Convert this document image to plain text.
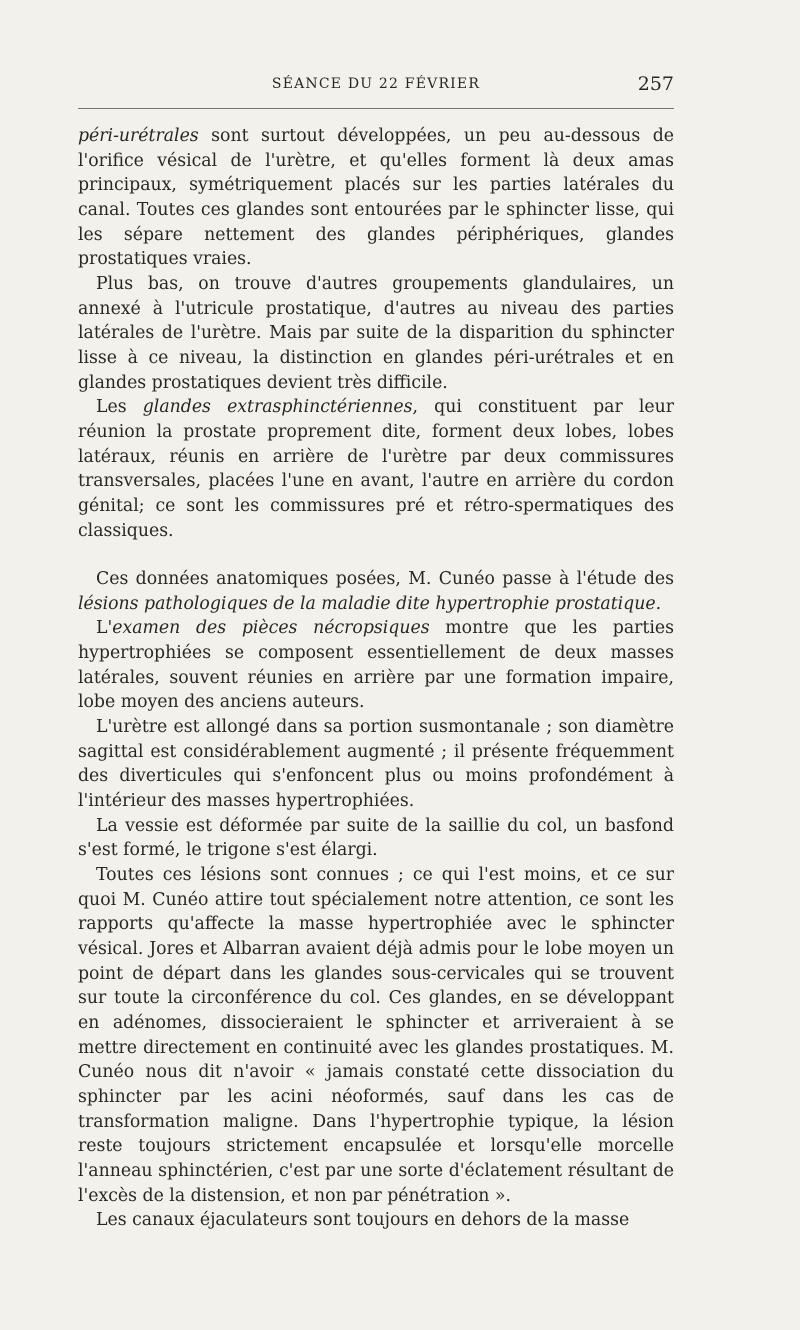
SÉANCE DU 22 FÉVRIER	257

péri-urétrales sont surtout développées, un peu au-dessous de l'orifice vésical de l'urètre, et qu'elles forment là deux amas principaux, symétriquement placés sur les parties latérales du canal. Toutes ces glandes sont entourées par le sphincter lisse, qui les sépare nettement des glandes périphériques, glandes prostatiques vraies.

Plus bas, on trouve d'autres groupements glandulaires, un annexé à l'utricule prostatique, d'autres au niveau des parties latérales de l'urètre. Mais par suite de la disparition du sphincter lisse à ce niveau, la distinction en glandes péri-urétrales et en glandes prostatiques devient très difficile.

Les glandes extrasphinctériennes, qui constituent par leur réunion la prostate proprement dite, forment deux lobes, lobes latéraux, réunis en arrière de l'urètre par deux commissures transversales, placées l'une en avant, l'autre en arrière du cordon génital; ce sont les commissures pré et rétro-spermatiques des classiques.

Ces données anatomiques posées, M. Cunéo passe à l'étude des lésions pathologiques de la maladie dite hypertrophie prostatique.

L'examen des pièces nécropsiques montre que les parties hypertrophiées se composent essentiellement de deux masses latérales, souvent réunies en arrière par une formation impaire, lobe moyen des anciens auteurs.

L'urètre est allongé dans sa portion susmontanale ; son diamètre sagittal est considérablement augmenté ; il présente fréquemment des diverticules qui s'enfoncent plus ou moins profondément à l'intérieur des masses hypertrophiées.

La vessie est déformée par suite de la saillie du col, un basfond s'est formé, le trigone s'est élargi.

Toutes ces lésions sont connues ; ce qui l'est moins, et ce sur quoi M. Cunéo attire tout spécialement notre attention, ce sont les rapports qu'affecte la masse hypertrophiée avec le sphincter vésical. Jores et Albarran avaient déjà admis pour le lobe moyen un point de départ dans les glandes sous-cervicales qui se trouvent sur toute la circonférence du col. Ces glandes, en se développant en adénomes, dissocieraient le sphincter et arriveraient à se mettre directement en continuité avec les glandes prostatiques. M. Cunéo nous dit n'avoir « jamais constaté cette dissociation du sphincter par les acini néoformés, sauf dans les cas de transformation maligne. Dans l'hypertrophie typique, la lésion reste toujours strictement encapsulée et lorsqu'elle morcelle l'anneau sphinctérien, c'est par une sorte d'éclatement résultant de l'excès de la distension, et non par pénétration ».

Les canaux éjaculateurs sont toujours en dehors de la masse
